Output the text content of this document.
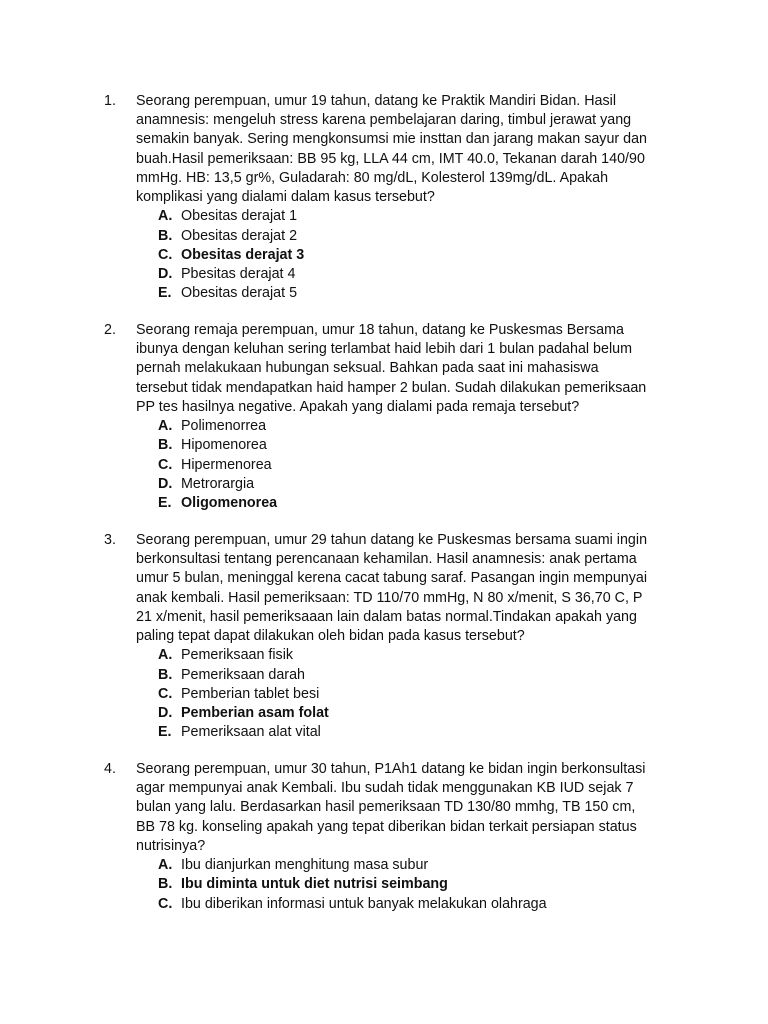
1.	Seorang perempuan, umur 19 tahun, datang ke Praktik Mandiri Bidan. Hasil
anamnesis: mengeluh stress karena pembelajaran daring, timbul jerawat yang
semakin banyak. Sering mengkonsumsi mie insttan dan jarang makan sayur dan
buah.Hasil pemeriksaan: BB 95 kg, LLA 44 cm, IMT 40.0, Tekanan darah 140/90
mmHg. HB: 13,5 gr%, Guladarah: 80 mg/dL, Kolesterol 139mg/dL. Apakah
komplikasi yang dialami dalam kasus tersebut?
A. Obesitas derajat 1
B. Obesitas derajat 2
C. Obesitas derajat 3
D. Pbesitas derajat 4
E. Obesitas derajat 5
2.	Seorang remaja perempuan, umur 18 tahun, datang ke Puskesmas Bersama
ibunya dengan keluhan sering terlambat haid lebih dari 1 bulan padahal belum
pernah melakukaan hubungan seksual. Bahkan pada saat ini mahasiswa
tersebut tidak mendapatkan haid hamper 2 bulan. Sudah dilakukan pemeriksaan
PP tes hasilnya negative. Apakah yang dialami pada remaja tersebut?
A. Polimenorrea
B. Hipomenorea
C. Hipermenorea
D. Metrorargia
E. Oligomenorea
3.	Seorang perempuan, umur 29 tahun datang ke Puskesmas bersama suami ingin
berkonsultasi tentang perencanaan kehamilan. Hasil anamnesis: anak pertama
umur 5 bulan, meninggal kerena cacat tabung saraf. Pasangan ingin mempunyai
anak kembali. Hasil pemeriksaan: TD 110/70 mmHg, N 80 x/menit, S 36,70 C, P
21 x/menit, hasil pemeriksaaan lain dalam batas normal.Tindakan apakah yang
paling tepat dapat dilakukan oleh bidan pada kasus tersebut?
A. Pemeriksaan fisik
B. Pemeriksaan darah
C. Pemberian tablet besi
D. Pemberian asam folat
E. Pemeriksaan alat vital
4.	Seorang perempuan, umur 30 tahun, P1Ah1 datang ke bidan ingin berkonsultasi
agar mempunyai anak Kembali. Ibu sudah tidak menggunakan KB IUD sejak 7
bulan yang lalu. Berdasarkan hasil pemeriksaan TD 130/80 mmhg, TB 150 cm,
BB 78 kg. konseling apakah yang tepat diberikan bidan terkait persiapan status
nutrisinya?
A. Ibu dianjurkan menghitung masa subur
B. Ibu diminta untuk diet nutrisi seimbang
C. Ibu diberikan informasi untuk banyak melakukan olahraga
